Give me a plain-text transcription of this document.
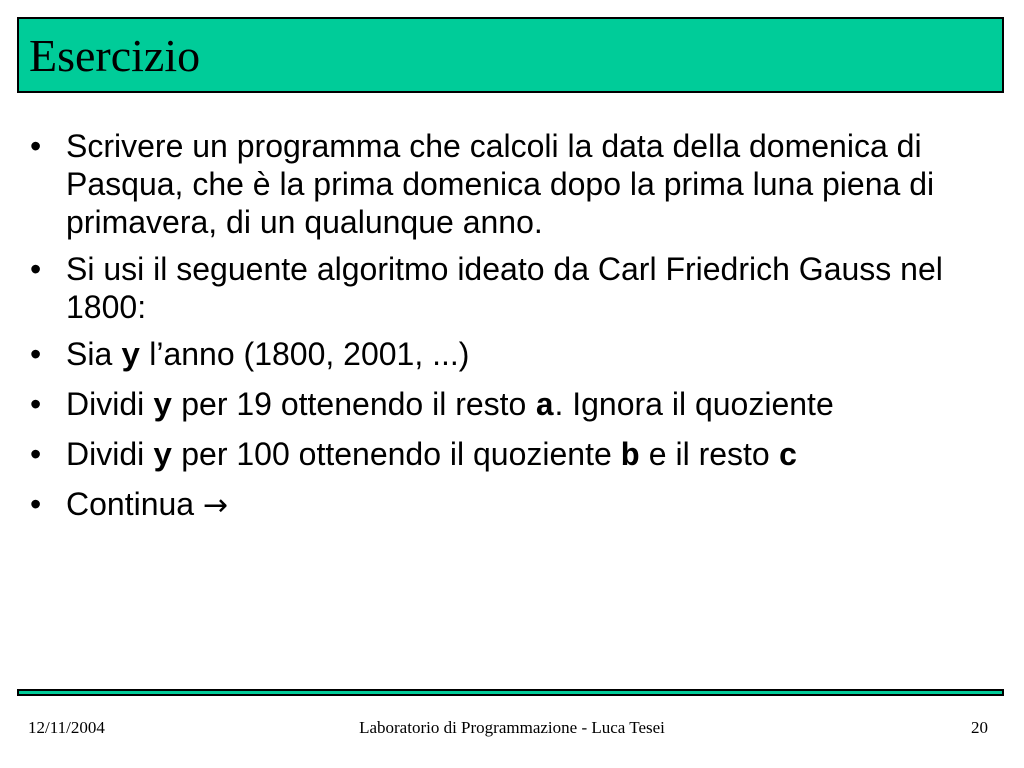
Esercizio
• Scrivere un programma che calcoli la data della domenica di Pasqua, che è la prima domenica dopo la prima luna piena di primavera, di un qualunque anno.
• Si usi il seguente algoritmo ideato da Carl Friedrich Gauss nel 1800:
• Sia y l’anno (1800, 2001, ...)
• Dividi y per 19 ottenendo il resto a. Ignora il quoziente
• Dividi y per 100 ottenendo il quoziente b e il resto c
• Continua →
12/11/2004	Laboratorio di Programmazione - Luca Tesei	20
